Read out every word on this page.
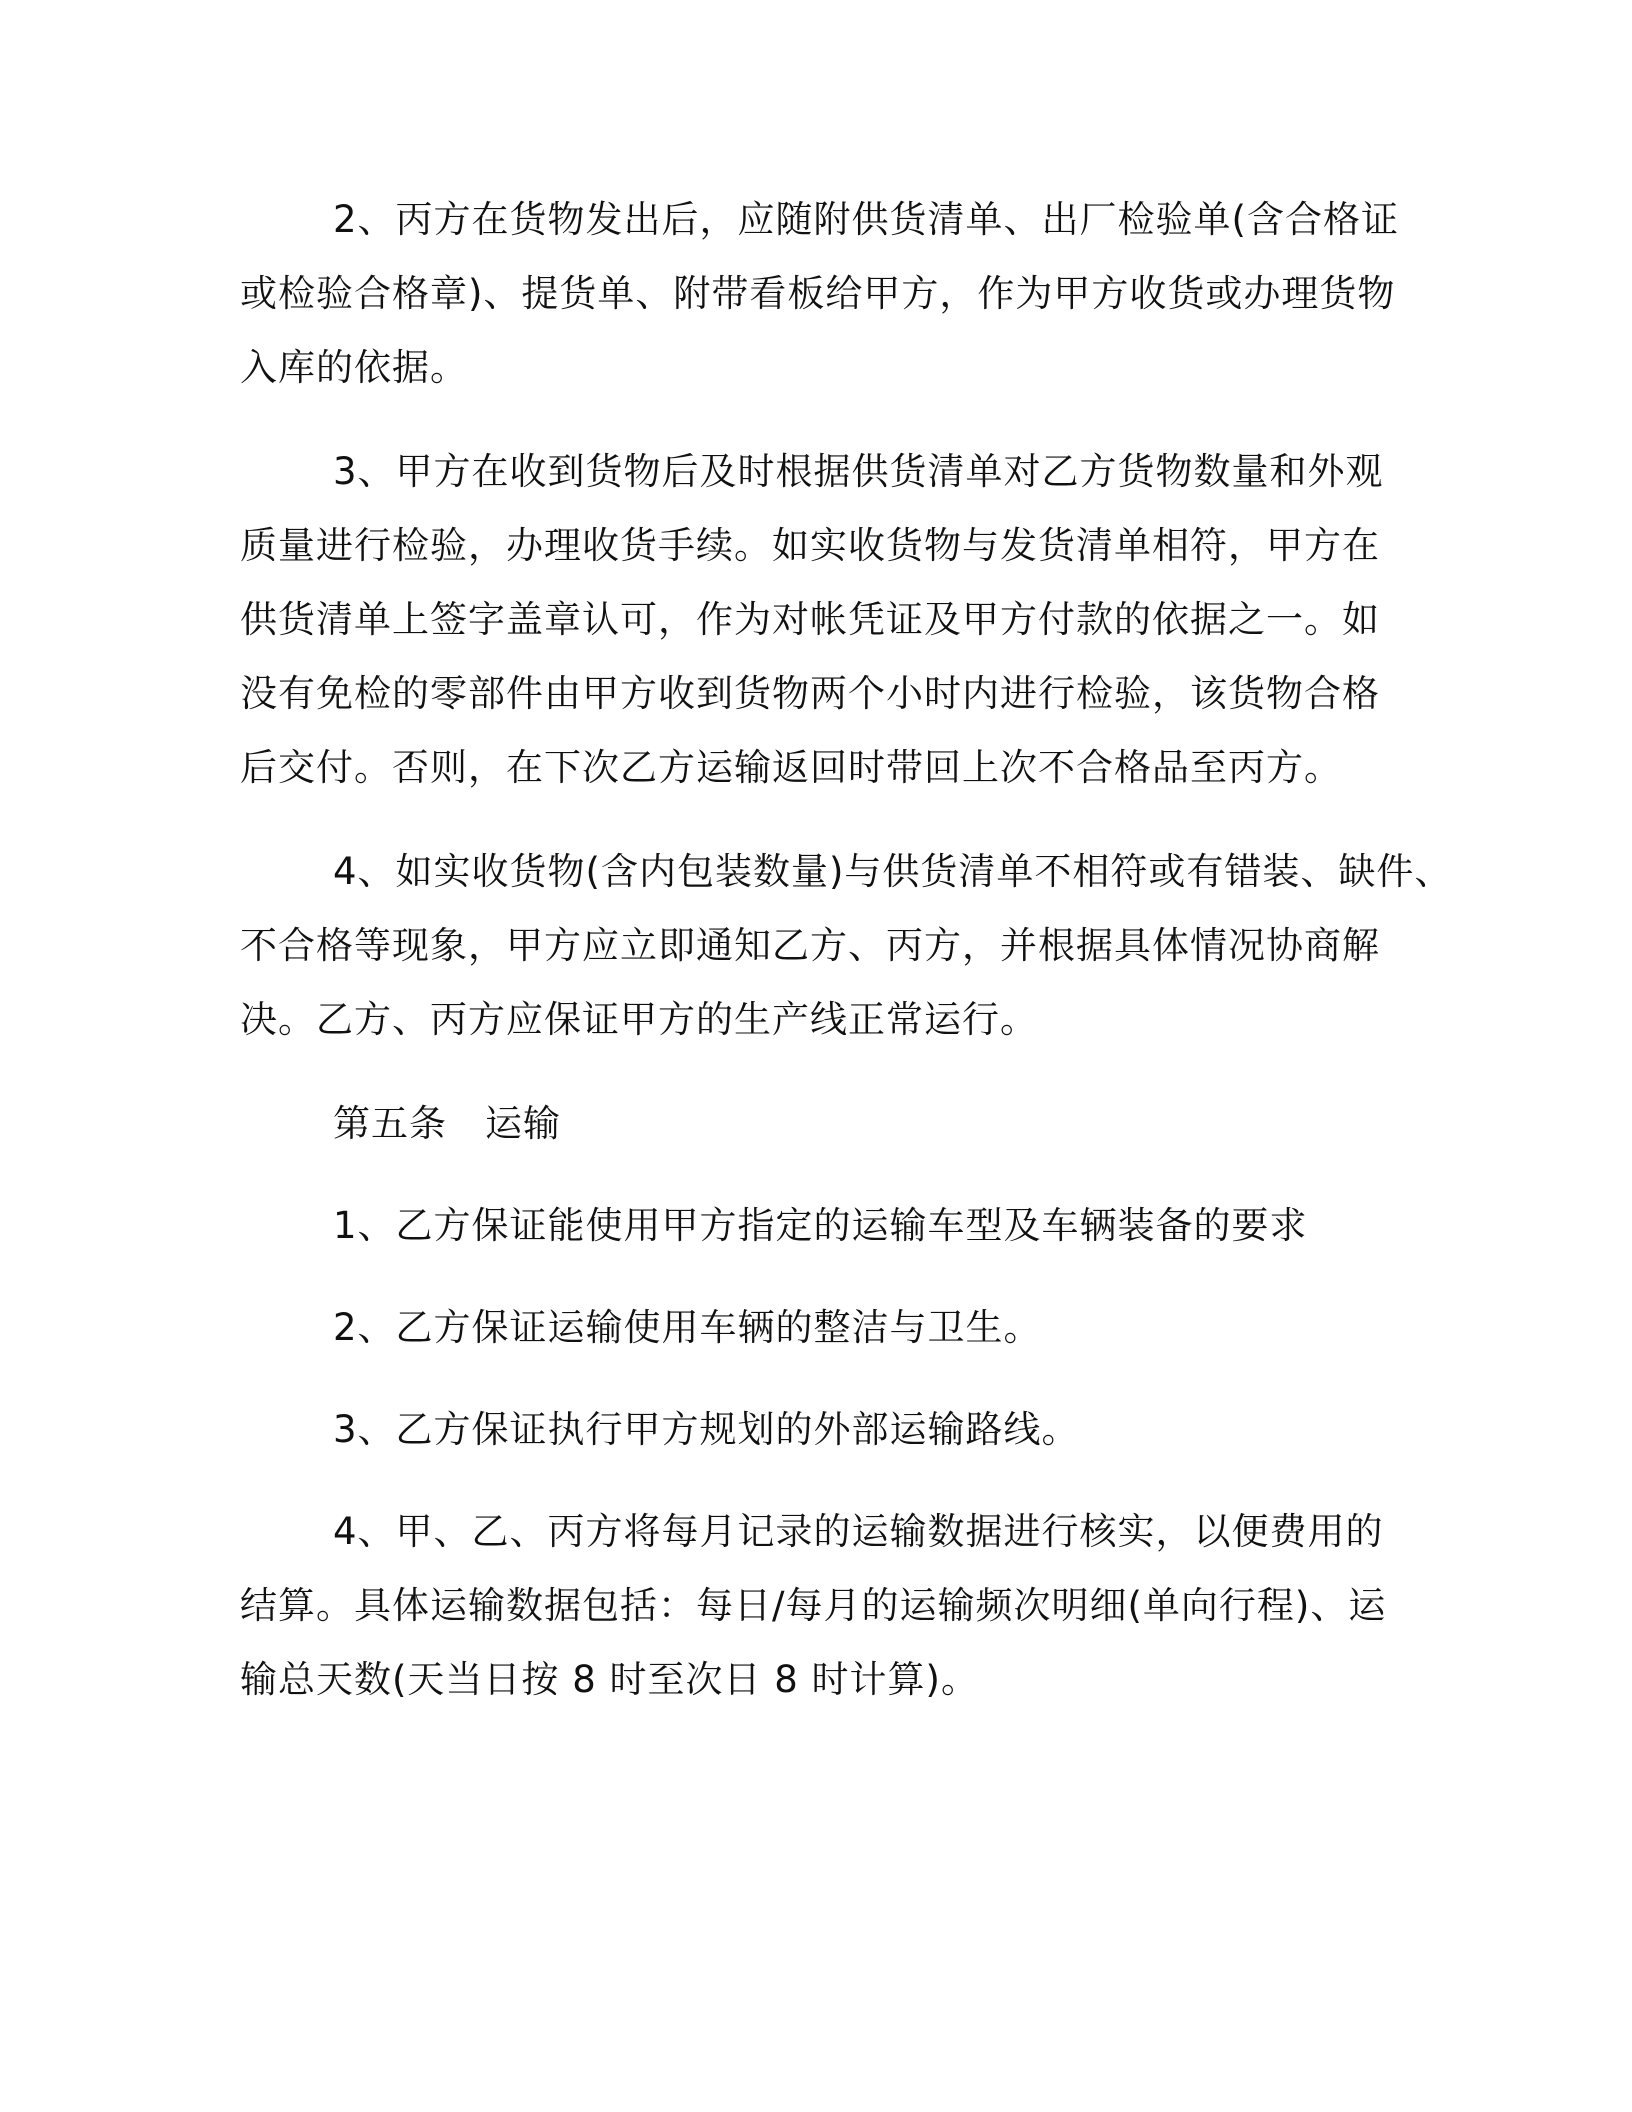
2、丙方在货物发出后，应随附供货清单、出厂检验单(含合格证
或检验合格章)、提货单、附带看板给甲方，作为甲方收货或办理货物
入库的依据。
3、甲方在收到货物后及时根据供货清单对乙方货物数量和外观
质量进行检验，办理收货手续。如实收货物与发货清单相符，甲方在
供货清单上签字盖章认可，作为对帐凭证及甲方付款的依据之一。如
没有免检的零部件由甲方收到货物两个小时内进行检验，该货物合格
后交付。否则，在下次乙方运输返回时带回上次不合格品至丙方。
4、如实收货物(含内包装数量)与供货清单不相符或有错装、缺件、
不合格等现象，甲方应立即通知乙方、丙方，并根据具体情况协商解
决。乙方、丙方应保证甲方的生产线正常运行。
第五条　运输
1、乙方保证能使用甲方指定的运输车型及车辆装备的要求
2、乙方保证运输使用车辆的整洁与卫生。
3、乙方保证执行甲方规划的外部运输路线。
4、甲、乙、丙方将每月记录的运输数据进行核实，以便费用的
结算。具体运输数据包括：每日/每月的运输频次明细(单向行程)、运
输总天数(天当日按 8 时至次日 8 时计算)。
